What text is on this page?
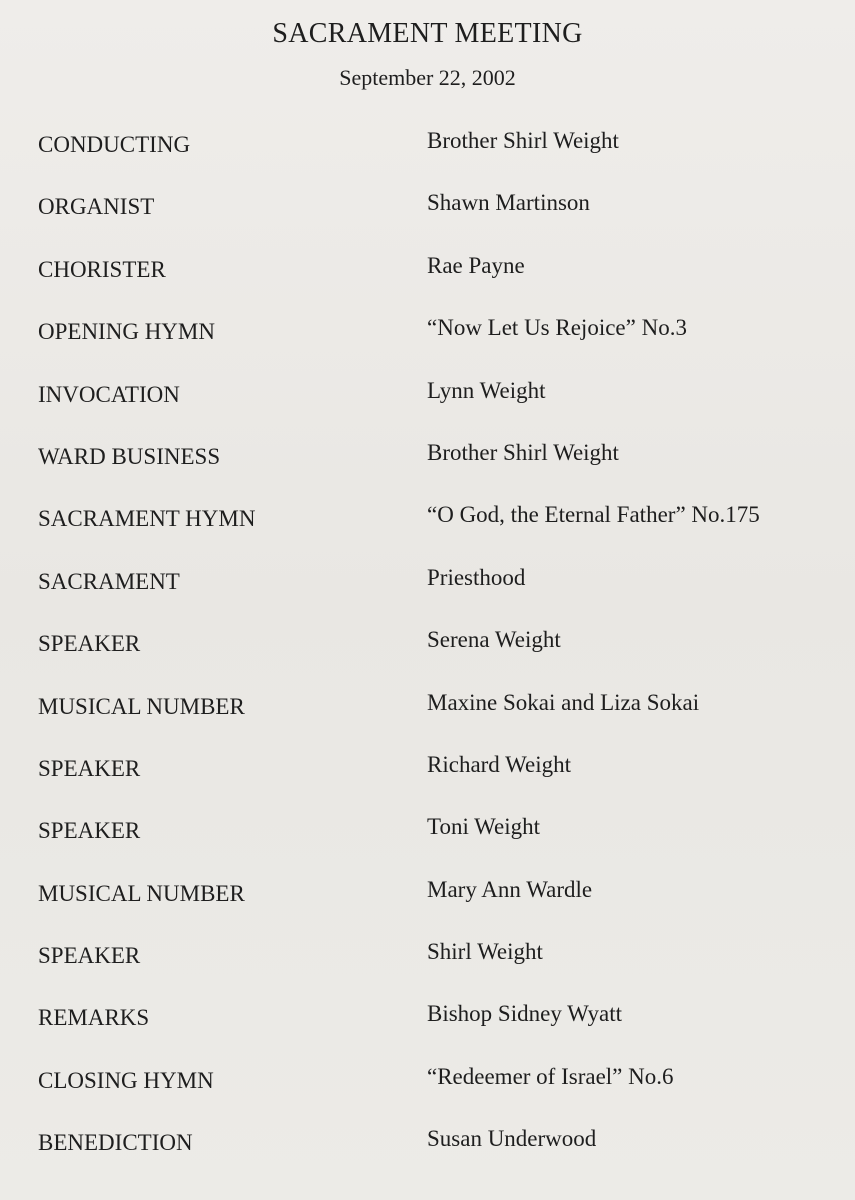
SACRAMENT MEETING
September 22, 2002
CONDUCTING	Brother Shirl Weight
ORGANIST	Shawn Martinson
CHORISTER	Rae Payne
OPENING HYMN	“Now Let Us Rejoice” No.3
INVOCATION	Lynn Weight
WARD BUSINESS	Brother Shirl Weight
SACRAMENT HYMN	“O God, the Eternal Father” No.175
SACRAMENT	Priesthood
SPEAKER	Serena Weight
MUSICAL NUMBER	Maxine Sokai and Liza Sokai
SPEAKER	Richard Weight
SPEAKER	Toni Weight
MUSICAL NUMBER	Mary Ann Wardle
SPEAKER	Shirl Weight
REMARKS	Bishop Sidney Wyatt
CLOSING HYMN	“Redeemer of Israel” No.6
BENEDICTION	Susan Underwood
